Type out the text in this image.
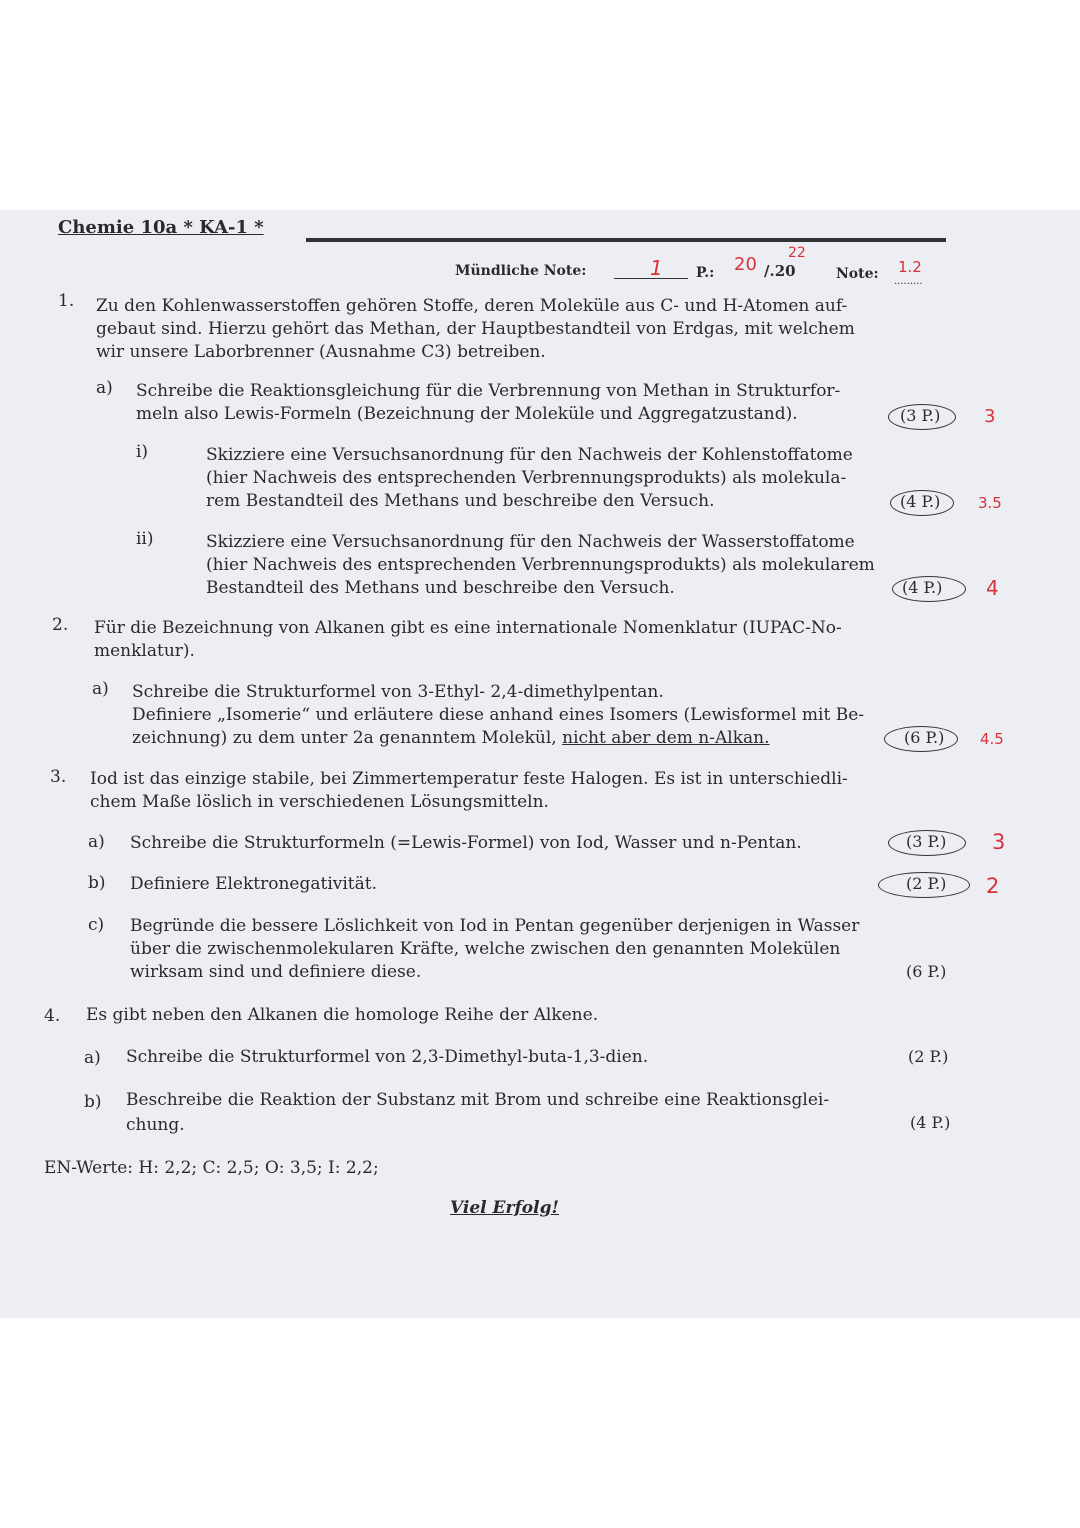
Chemie 10a * KA-1 *	......................
Mündliche Note:	1 P.: 20
22
/.20	Note: 1.2
.........
1. Zu den Kohlenwasserstoffen gehören Stoffe, deren Moleküle aus C- und H-Atomen auf-
gebaut sind. Hierzu gehört das Methan, der Hauptbestandteil von Erdgas, mit welchem
wir unsere Laborbrenner (Ausnahme C3) betreiben.
a) Schreibe die Reaktionsgleichung für die Verbrennung von Methan in Strukturfor-
meln also Lewis-Formeln (Bezeichnung der Moleküle und Aggregatzustand).	(3 P.) 3
i)	Skizziere eine Versuchsanordnung für den Nachweis der Kohlenstoffatome
(hier Nachweis des entsprechenden Verbrennungsprodukts) als molekula-
rem Bestandteil des Methans und beschreibe den Versuch.	(4 P.)	3.5
ii)	Skizziere eine Versuchsanordnung für den Nachweis der Wasserstoffatome
(hier Nachweis des entsprechenden Verbrennungsprodukts) als molekularem
Bestandteil des Methans und beschreibe den Versuch.	(4 P.) 4
2. Für die Bezeichnung von Alkanen gibt es eine internationale Nomenklatur (IUPAC-No-
menklatur).
a) Schreibe die Strukturformel von 3-Ethyl- 2,4-dimethylpentan.
Definiere „Isomerie“ und erläutere diese anhand eines Isomers (Lewisformel mit Be-
zeichnung) zu dem unter 2a genanntem Molekül, nicht aber dem n-Alkan.	(6 P.) 4.5
3. Iod ist das einzige stabile, bei Zimmertemperatur feste Halogen. Es ist in unterschiedli-
chem Maße löslich in verschiedenen Lösungsmitteln.
a) Schreibe die Strukturformeln (=Lewis-Formel) von Iod, Wasser und n-Pentan.	(3 P.) 3
b) Definiere Elektronegativität.	(2 P.) 2
c) Begründe die bessere Löslichkeit von Iod in Pentan gegenüber derjenigen in Wasser
über die zwischenmolekularen Kräfte, welche zwischen den genannten Molekülen
wirksam sind und definiere diese.	(6 P.)
4. Es gibt neben den Alkanen die homologe Reihe der Alkene.
a) Schreibe die Strukturformel von 2,3-Dimethyl-buta-1,3-dien.	(2 P.)
b) Beschreibe die Reaktion der Substanz mit Brom und schreibe eine Reaktionsglei-
chung.	(4 P.)
EN-Werte: H: 2,2; C: 2,5; O: 3,5; I: 2,2;
Viel Erfolg!
